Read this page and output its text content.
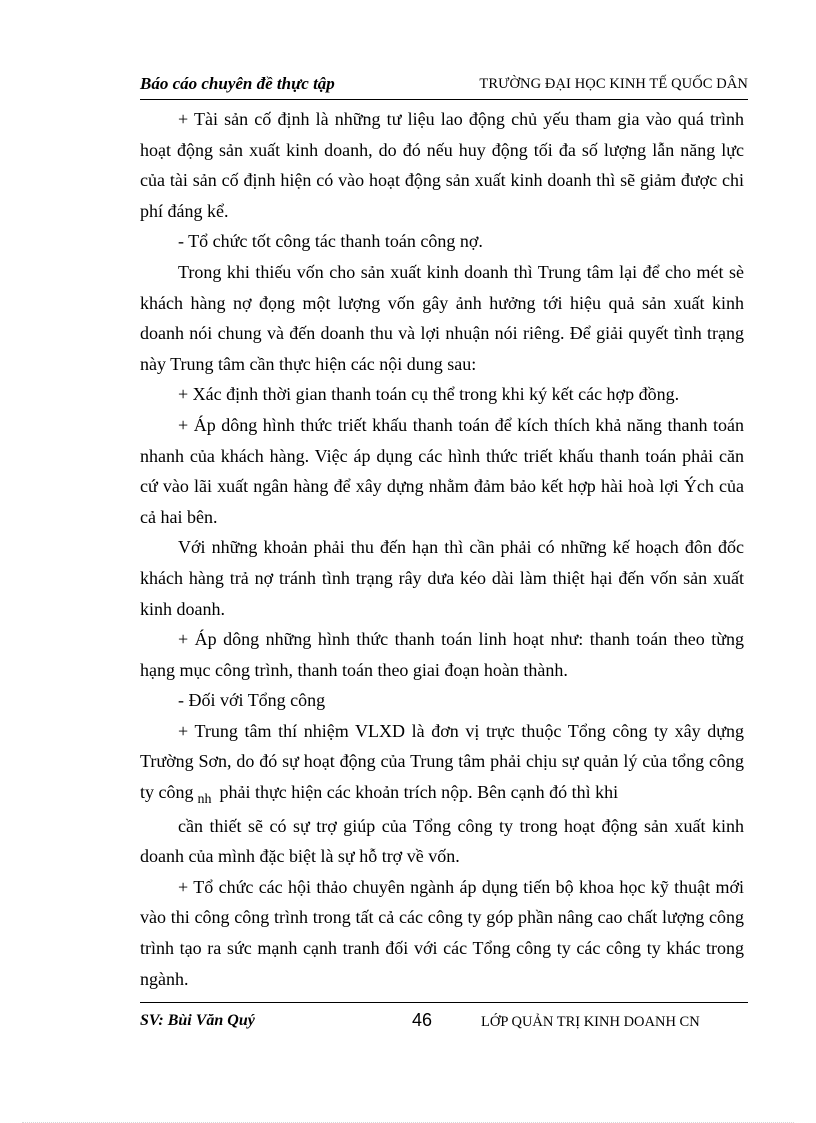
Báo cáo chuyên đề thực tập	TRƯỜNG ĐẠI HỌC KINH TẾ QUỐC DÂN

+ Tài sản cố định là những tư liệu lao động chủ yếu tham gia vào quá trình hoạt động sản xuất kinh doanh, do đó nếu huy động tối đa số lượng lẫn năng lực của tài sản cố định hiện có vào hoạt động sản xuất kinh doanh thì sẽ giảm được chi phí đáng kể.

- Tổ chức tốt công tác thanh toán công nợ.

Trong khi thiếu vốn cho sản xuất kinh doanh thì Trung tâm lại để cho mét sè khách hàng nợ đọng một lượng vốn gây ảnh hưởng tới hiệu quả sản xuất kinh doanh nói chung và đến doanh thu và lợi nhuận nói riêng. Để giải quyết tình trạng này Trung tâm cần thực hiện các nội dung sau:

+ Xác định thời gian thanh toán cụ thể trong khi ký kết các hợp đồng.

+ Áp dông hình thức triết khấu thanh toán để kích thích khả năng thanh toán nhanh của khách hàng. Việc áp dụng các hình thức triết khấu thanh toán phải căn cứ vào lãi xuất ngân hàng để xây dựng nhằm đảm bảo kết hợp hài hoà lợi Ých của cả hai bên.

Với những khoản phải thu đến hạn thì cần phải có những kế hoạch đôn đốc khách hàng trả nợ tránh tình trạng rây dưa kéo dài làm thiệt hại đến vốn sản xuất kinh doanh.

+ Áp dông những hình thức thanh toán linh hoạt như: thanh toán theo từng hạng mục công trình, thanh toán theo giai đoạn hoàn thành.

- Đối với Tổng công

+ Trung tâm thí nhiệm VLXD là đơn vị trực thuộc Tổng công ty xây dựng Trường Sơn, do đó sự hoạt động của Trung tâm phải chịu sự quản lý của tổng công ty công $_{nh}$ phải thực hiện các khoản trích nộp. Bên cạnh đó thì khi

cần thiết sẽ có sự trợ giúp của Tổng công ty trong hoạt động sản xuất kinh doanh của mình đặc biệt là sự hỗ trợ về vốn.

+ Tổ chức các hội thảo chuyên ngành áp dụng tiến bộ khoa học kỹ thuật mới vào thi công công trình trong tất cả các công ty góp phần nâng cao chất lượng công trình tạo ra sức mạnh cạnh tranh đối với các Tổng công ty các công ty khác trong ngành.

SV: Bùi Văn Quý	46	LỚP QUẢN TRỊ KINH DOANH CN
